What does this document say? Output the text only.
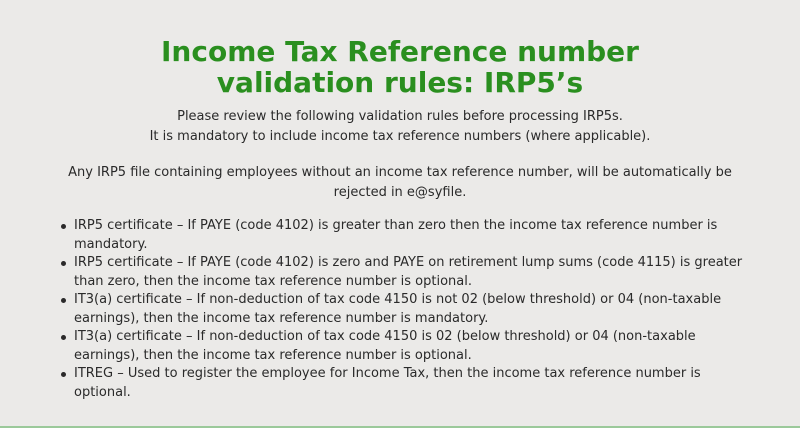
Income Tax Reference number
validation rules: IRP5’s

Please review the following validation rules before processing IRP5s.

It is mandatory to include income tax reference numbers (where applicable).

Any IRP5 file containing employees without an income tax reference number, will be automatically be rejected in e@syfile.

IRP5 certificate – If PAYE (code 4102) is greater than zero then the income tax reference number is mandatory.
IRP5 certificate – If PAYE (code 4102) is zero and PAYE on retirement lump sums (code 4115) is greater than zero, then the income tax reference number is optional.
IT3(a) certificate – If non-deduction of tax code 4150 is not 02 (below threshold) or 04 (non-taxable earnings), then the income tax reference number is mandatory.
IT3(a) certificate – If non-deduction of tax code 4150 is 02 (below threshold) or 04 (non-taxable earnings), then the income tax reference number is optional.
ITREG – Used to register the employee for Income Tax, then the income tax reference number is optional.
